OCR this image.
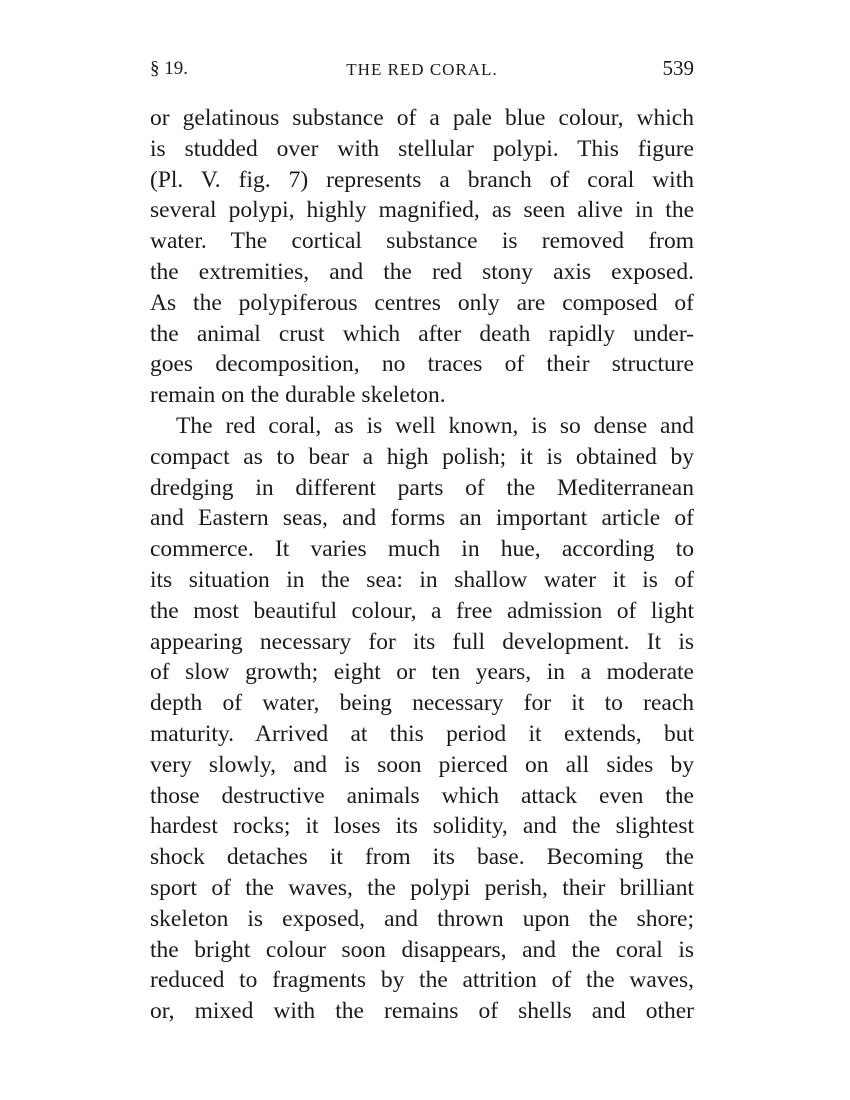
§ 19.	THE RED CORAL.	539
or gelatinous substance of a pale blue colour, which
is studded over with stellular polypi. This figure
(Pl. V. fig. 7) represents a branch of coral with
several polypi, highly magnified, as seen alive in the
water. The cortical substance is removed from
the extremities, and the red stony axis exposed.
As the polypiferous centres only are composed of
the animal crust which after death rapidly under-
goes decomposition, no traces of their structure
remain on the durable skeleton.
The red coral, as is well known, is so dense and
compact as to bear a high polish; it is obtained by
dredging in different parts of the Mediterranean
and Eastern seas, and forms an important article of
commerce. It varies much in hue, according to
its situation in the sea: in shallow water it is of
the most beautiful colour, a free admission of light
appearing necessary for its full development. It is
of slow growth; eight or ten years, in a moderate
depth of water, being necessary for it to reach
maturity. Arrived at this period it extends, but
very slowly, and is soon pierced on all sides by
those destructive animals which attack even the
hardest rocks; it loses its solidity, and the slightest
shock detaches it from its base. Becoming the
sport of the waves, the polypi perish, their brilliant
skeleton is exposed, and thrown upon the shore;
the bright colour soon disappears, and the coral is
reduced to fragments by the attrition of the waves,
or, mixed with the remains of shells and other
